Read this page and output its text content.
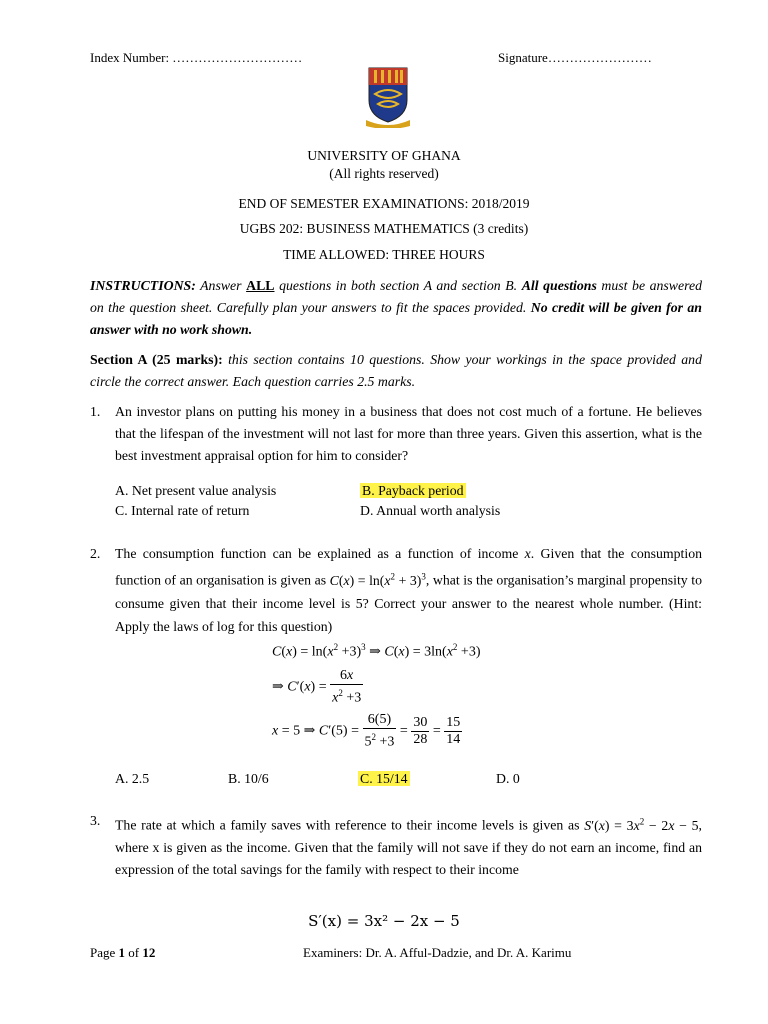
Index Number: …………………………	Signature……………………
UNIVERSITY OF GHANA
(All rights reserved)
END OF SEMESTER EXAMINATIONS: 2018/2019
UGBS 202: BUSINESS MATHEMATICS (3 credits)
TIME ALLOWED: THREE HOURS
INSTRUCTIONS: Answer ALL questions in both section A and section B. All questions must be answered on the question sheet. Carefully plan your answers to fit the spaces provided. No credit will be given for an answer with no work shown.
Section A (25 marks): this section contains 10 questions. Show your workings in the space provided and circle the correct answer. Each question carries 2.5 marks.
1. An investor plans on putting his money in a business that does not cost much of a fortune. He believes that the lifespan of the investment will not last for more than three years. Given this assertion, what is the best investment appraisal option for him to consider?
A. Net present value analysis	B. Payback period
C. Internal rate of return	D. Annual worth analysis
2. The consumption function can be explained as a function of income x. Given that the consumption function of an organisation is given as $C(x) = \ln(x^2 + 3)^3$, what is the organisation’s marginal propensity to consume given that their income level is 5? Correct your answer to the nearest whole number. (Hint: Apply the laws of log for this question)
$C(x) = \ln(x^2 +3)^3$ ⇒ $C(x) = 3\ln(x^2 +3)$
⇒ $C'(x) = \frac{6x}{x^2 +3}$
x = 5 ⇒ $C'(5) = \frac{6(5)}{5^2 +3} = \frac{30}{28} = \frac{15}{14}$
A. 2.5	B. 10/6	C. 15/14	D. 0
3. The rate at which a family saves with reference to their income levels is given as $S'(x) = 3x^2 - 2x - 5$, where x is given as the income. Given that the family will not save if they do not earn an income, find an expression of the total savings for the family with respect to their income
S′(x) = 3x² − 2x − 5
Page 1 of 12	Examiners: Dr. A. Afful-Dadzie, and Dr. A. Karimu
